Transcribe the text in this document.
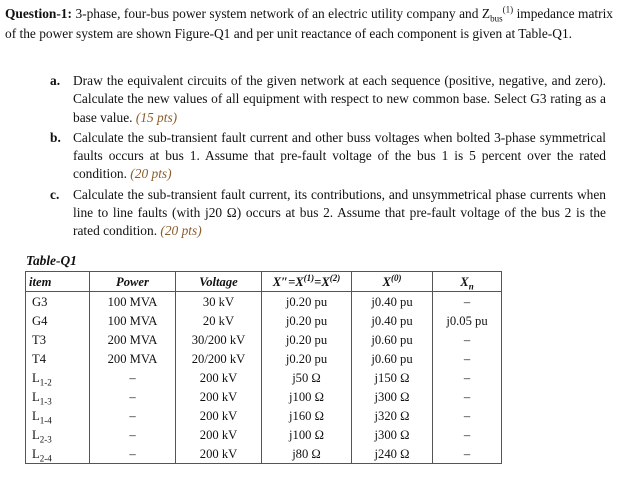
Question-1: 3-phase, four-bus power system network of an electric utility company and $Z_{bus}^{(1)}$ impedance matrix of the power system are shown Figure-Q1 and per unit reactance of each component is given at Table-Q1.
a. Draw the equivalent circuits of the given network at each sequence (positive, negative, and zero). Calculate the new values of all equipment with respect to new common base. Select G3 rating as a base value. (15 pts)
b. Calculate the sub-transient fault current and other buss voltages when bolted 3-phase symmetrical faults occurs at bus 1. Assume that pre-fault voltage of the bus 1 is 5 percent over the rated condition. (20 pts)
c. Calculate the sub-transient fault current, its contributions, and unsymmetrical phase currents when line to line faults (with j20 Ω) occurs at bus 2. Assume that pre-fault voltage of the bus 2 is the rated condition. (20 pts)
Table-Q1
item	Power	Voltage	$X''=X^{(1)}=X^{(2)}$	$X^{(0)}$	$X_n$
G3	100 MVA	30 kV	j0.20 pu	j0.40 pu	–
G4	100 MVA	20 kV	j0.20 pu	j0.40 pu	j0.05 pu
T3	200 MVA	30/200 kV	j0.20 pu	j0.60 pu	–
T4	200 MVA	20/200 kV	j0.20 pu	j0.60 pu	–
$L_{1-2}$	–	200 kV	j50 Ω	j150 Ω	–
$L_{1-3}$	–	200 kV	j100 Ω	j300 Ω	–
$L_{1-4}$	–	200 kV	j160 Ω	j320 Ω	–
$L_{2-3}$	–	200 kV	j100 Ω	j300 Ω	–
$L_{2-4}$	–	200 kV	j80 Ω	j240 Ω	–
